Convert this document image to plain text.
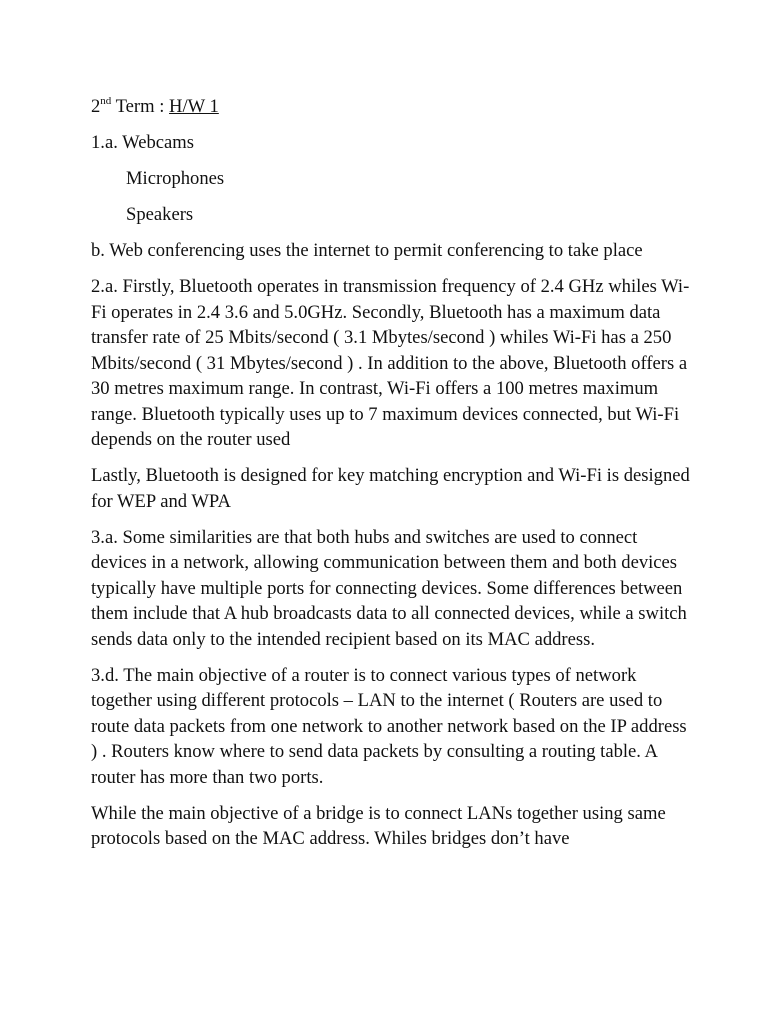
2nd Term : H/W 1

1.a. Webcams

Microphones

Speakers

b. Web conferencing uses the internet to permit conferencing to take place

2.a. Firstly, Bluetooth operates in transmission frequency of 2.4 GHz whiles Wi-Fi operates in 2.4 3.6 and 5.0GHz. Secondly, Bluetooth has a maximum data transfer rate of 25 Mbits/second ( 3.1 Mbytes/second ) whiles Wi-Fi has a 250 Mbits/second ( 31 Mbytes/second ) . In addition to the above, Bluetooth offers a 30 metres maximum range. In contrast, Wi-Fi offers a 100 metres maximum range. Bluetooth typically uses up to 7 maximum devices connected, but Wi-Fi depends on the router used

Lastly, Bluetooth is designed for key matching encryption and Wi-Fi is designed for WEP and WPA

3.a. Some similarities are that both hubs and switches are used to connect devices in a network, allowing communication between them and both devices typically have multiple ports for connecting devices. Some differences between them include that A hub broadcasts data to all connected devices, while a switch sends data only to the intended recipient based on its MAC address.

3.d. The main objective of a router is to connect various types of network together using different protocols – LAN to the internet ( Routers are used to route data packets from one network to another network based on the IP address ) . Routers know where to send data packets by consulting a routing table. A router has more than two ports.

While the main objective of a bridge is to connect LANs together using same protocols based on the MAC address. Whiles bridges don’t have
